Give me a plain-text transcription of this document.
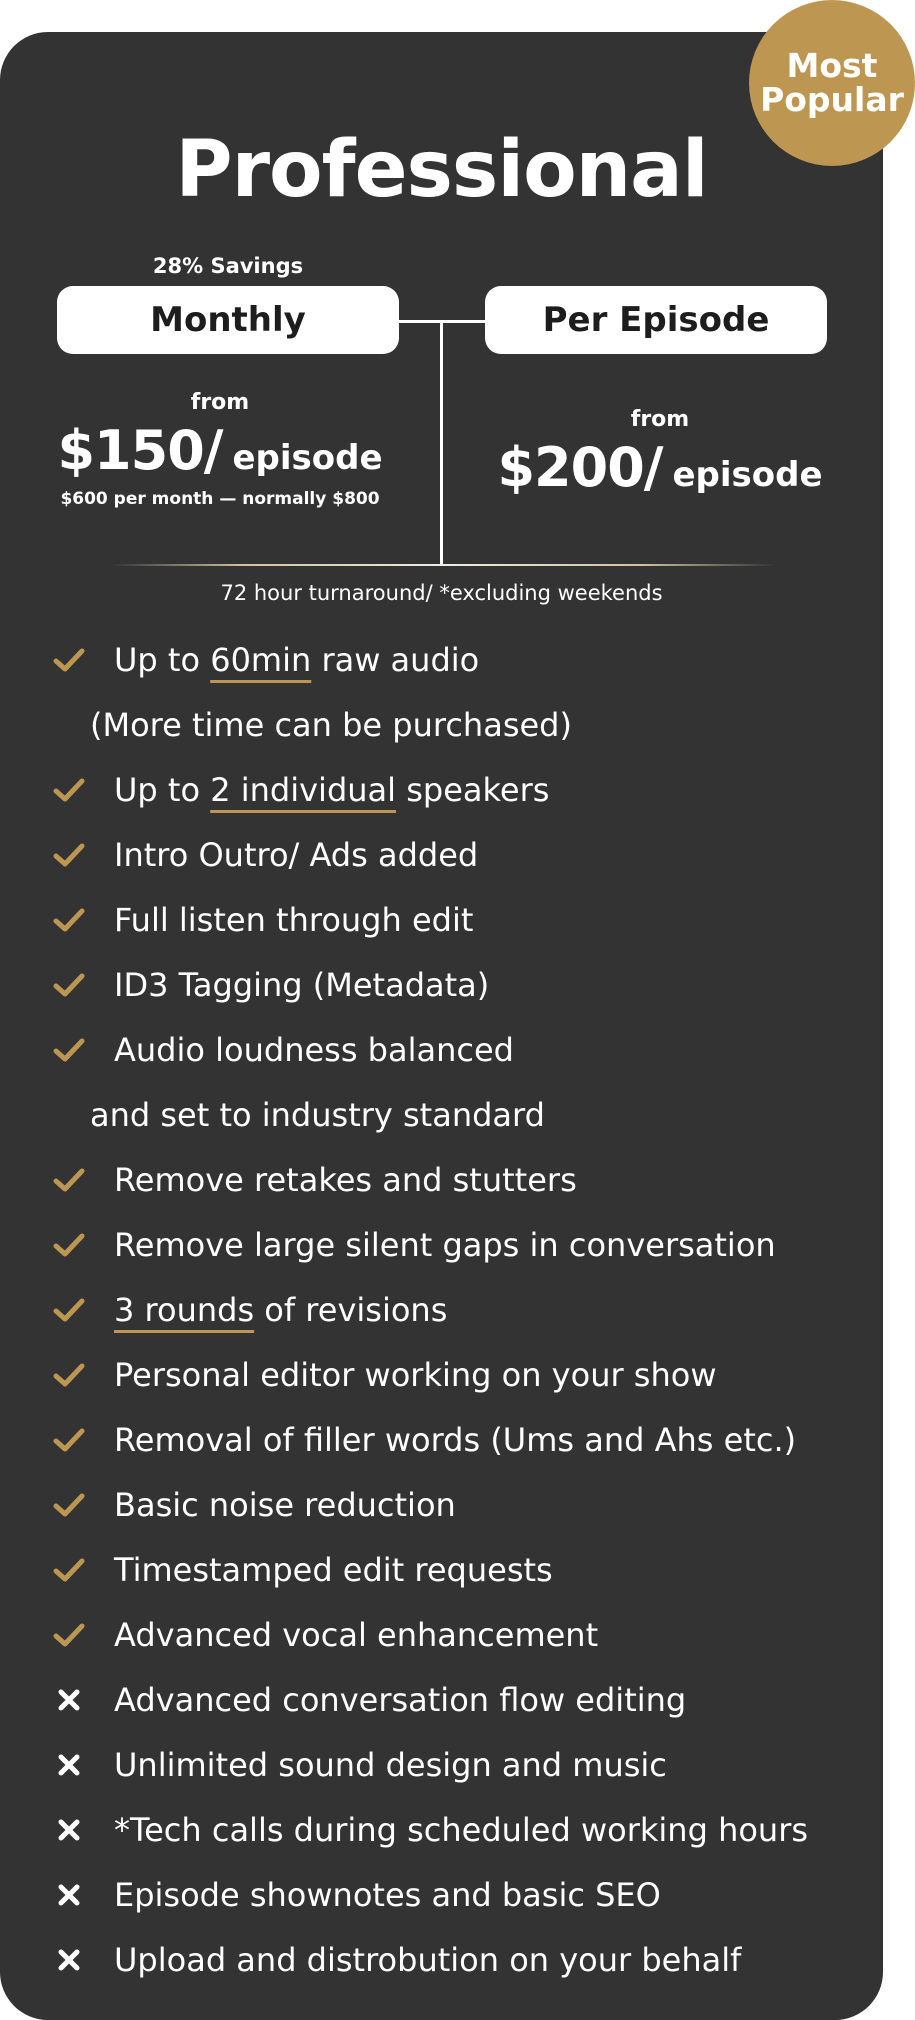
Professional
28% Savings
Monthly	Per Episode
from
$150/ episode
$600 per month — normally $800
from
$200/ episode
72 hour turnaround/ *excluding weekends
Up to 60min raw audio
(More time can be purchased)
Up to 2 individual speakers
Intro Outro/ Ads added
Full listen through edit
ID3 Tagging (Metadata)
Audio loudness balanced
and set to industry standard
Remove retakes and stutters
Remove large silent gaps in conversation
3 rounds of revisions
Personal editor working on your show
Removal of filler words (Ums and Ahs etc.)
Basic noise reduction
Timestamped edit requests
Advanced vocal enhancement
Advanced conversation flow editing
Unlimited sound design and music
*Tech calls during scheduled working hours
Episode shownotes and basic SEO
Upload and distrobution on your behalf
Most
Popular
